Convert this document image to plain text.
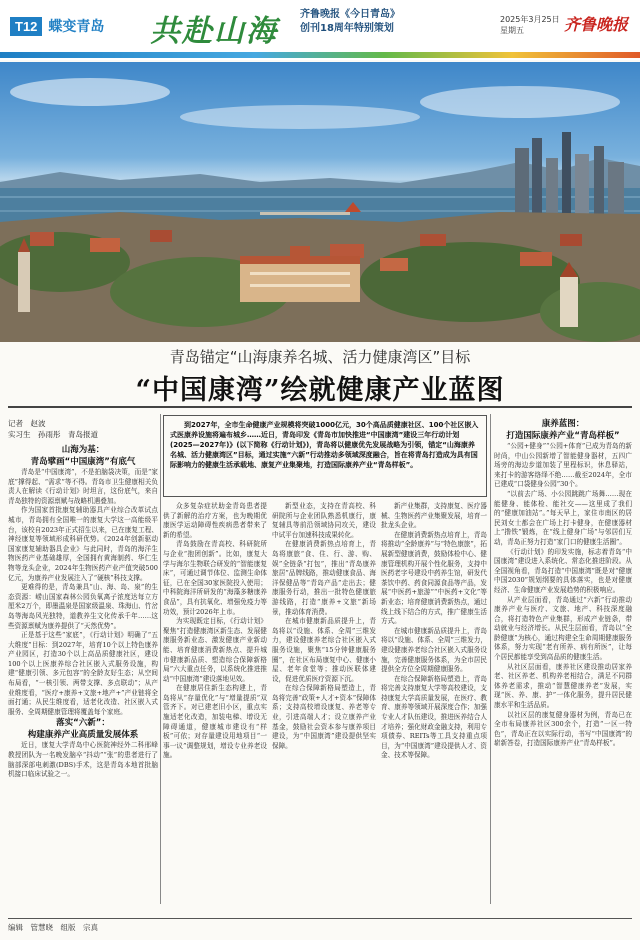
T12 蝶变青岛 共赴山海 齐鲁晚报《今日青岛》
创刊18周年特别策划
2025年3月25日
星期五	齐鲁晚报
青岛锚定“山海康养名城、活力健康湾区”目标
“中国康湾”绘就健康产业蓝图
记者　赵波
实习生　孙雨彤　青岛报道
到2027年，全市生命健康产业规模将突破1000亿元，30个高品质健康社区、100个社区嵌入式医康养设施将遍布城乡……近日，青岛印发《青岛市加快推进“中国康湾”建设三年行动计划(2025—2027年)》(以下简称《行动计划》)，青岛将以健康优先发展战略为引领，锚定“山海康养名城、活力健康湾区”目标，通过实施“六新”行动推动多领域深度融合，旨在将青岛打造成为具有国际影响力的健康生活承载地、康复产业集聚地，打造国际康养产业“青岛样板”。
山海为基：
青岛擘画“中国康湾”有底气

青岛是“中国康湾”，不是拍脑袋决策，而是“家底”撑得起、“需求”等不得。青岛市卫生健康相关负责人在解读《行动计划》时坦言，这份底气，来自青岛独特的资源禀赋与战略机遇叠加。

作为国家首批康复辅助器具产业综合改革试点城市，青岛拥有全国唯一的康复大学这一高能级平台，该校自2023年正式招生以来，已在康复工程、神经康复等领域形成科研优势。《2024年创新驱动国家康复辅助器具企业》与此同时，青岛的海洋生物医药产业基础雄厚，全国拥有黄海制药、华仁生物等龙头企业，2024年生物医药产业产值突破500亿元，为康养产业发展注入了“硬核”科技支撑。

更难得的是，青岛兼具“山、海、岛、泉”的生态资源：崂山国家森林公园负氧离子浓度达每立方厘米2万个，即墨温泉是国家级温泉、珠海山、竹岔岛等海岛风光独特，道教养生文化传承千年……这些资源禀赋为康养提供了“天然优势”。

正是基于这些“家底”，《行动计划》明确了“五大维度”目标：到2027年，培育10个以上特色康养产业园区，打造30个以上高品质健康社区，建设100个以上医康养综合社区嵌入式服务设施，构建“健康引领、多元包容”的全龄友好生态；从空间布局看，“一核引领、两带支撑、多点联动”；从产业维度看，“医疗+康养+文旅+地产+”产业链将全面打通；从民生维度看，适老化改造、社区嵌入式服务、全周期健康管理将覆盖每个家庭。

落实“六新”：
构建康养产业高质量发展体系

近日，康复大学青岛中心医院神经外二科邢峰教授团队为一名晚发脑卒“抖动”“张”的患者进行了脑部深部电刺激(DBS)手术，这是青岛本地首批脑机接口临床试验之一。

众多复杂症状助金青岛患者提供了新解的治疗方案，也为晚期优康医学运动障碍性疾病患者带来了新的希望。

青岛鼓励在青高校、科研院所与企业“抱团创新”。比如，康复大学与海尔生物联合研发的“智能康复床”，可通过调节体位、监测生命体征，已在全国30家医院投入使用；中科院海洋所研发的“海藻多糖康养食品”，具有抗氧化、增强免疫力等功效，预计2026年上市。

为实现既定目标，《行动计划》聚焦“打造健康湾区新生态、发展健康服务新业态、激发健康产业新动能、培育健康消费新热点、提升城市健康新品质、塑造综合保障新格局”六大重点任务，以系统化推进推动“中国康湾”建设落地见效。

在健康居住新生态构建上，青岛将从“存量优化”与“增量提质”双管齐下。对已建老旧小区，重点实施适老化改造，加装电梯、增设无障碍通道，健康城市建设有“样板”可依；对存量建设用地项目“一事一议”调整规划，增设专业养老设施。

新型业态，支持在青高校、科研院所与企业团队熟悉机康行，康复辅具等前沿领域协同攻关，建设中试平台加速科技成果转化。

在健康消费新热点培育上，青岛将康旅“食、住、行、游、购、娱”全链条“打包”，推出“青岛康养旅居”品牌线路，推动健康食品、海洋保健品等“青岛产品”走出去；健康服务行动，推出一批特色健康旅游线路，打造“康养+文旅”新场景，推动体育消费。

在城市健康新品质提升上，青岛将以“设施、体系、全周”三维发力，建设健康养老综合社区嵌入式服务设施，聚焦“15分钟健康服务圈”，在社区布局康复中心、健康小屋、老年食堂等；推动医联体建设，促进优质医疗资源下沉。

在综合保障新格局塑造上，青岛将完善“政策+人才+资本”保障体系；支持高校增设康复、养老等专业，引进高端人才；设立康养产业基金，鼓励社会资本参与康养项目建设，为“中国康湾”建设提供坚实保障。

新产业集群，支持康复、医疗器械、生物医药产业集聚发展，培育一批龙头企业。

在健康消费新热点培育上，青岛将推动“全龄康养”与“特色康旅”，拓展新型健康消费，鼓励体检中心、健康管理机构开展个性化服务，支持中医药老字号建设中药养生馆，研发代茶饮中药、药食同源食品等产品，发展“中医药+旅游”“中医药+文化”等新业态；培育健康消费新热点，通过线上线下结合的方式，推广健康生活方式。

在城市健康新品质提升上，青岛将以“设施、体系、全周”三维发力，建设健康养老综合社区嵌入式服务设施，完善健康服务体系，为全市居民提供全方位全周期健康服务。

在综合保障新格局塑造上，青岛将完善支持康复大学等高校建设，支持康复大学高质量发展，在医疗、教育、康养等领域开展深度合作；加强专业人才队伍建设，推进医养结合人才培养；强化财政金融支持，利用专项债券、REITs等工具支持重点项目，为“中国康湾”建设提供人才、资金、技术等保障。

康养蓝图：
打造国际康养产业“青岛样板”

“公园+健身”“公园+体育”已成为青岛的新时尚，中山公园新增了智能健身器材，五四广场旁的海边步道加装了里程标识，休息驿站，来打卡的游客络绎不绝……截至2024年，全市已建成“口袋健身公园”30个。

“以前去广场、小公园跳跳广场舞……现在能健身、能体检、能社交——这里成了我们的“健康加油站”。”每天早上，家住市南区的居民刘女士都会在广场上打卡健身，在健康器材上“撸铁”锻炼，在“线上健身广场”与邻居们互动，青岛正努力打造“家门口的健康生活圈”。

《行动计划》的印发实施，标志着青岛“中国康湾”建设进入系统化、常态化推进阶段。从全国视角看，青岛打造“中国康湾”既是对“健康中国2030”规划纲要的具体落实，也是对健康经济、生命健康产业发展趋势的积极响应。

从产业层面看，青岛通过“六新”行动推动康养产业与医疗、文旅、地产、科技深度融合，将打造特色产业集群，形成产业链条，带动就业与经济增长。从民生层面看，青岛以“全龄健康”为核心，通过构建全生命周期健康服务体系，努力实现“老有所养、病有所医”，让每个居民都能享受到高品质的健康生活。

从社区层面看，康养社区建设推动居家养老、社区养老、机构养老相结合，满足不同群体养老需求，推动“智慧健康养老”发展，实现“医、养、康、护”一体化服务，提升居民健康水平和生活品质。

以社区层的康复健身器材为例，青岛已在全市布局康养社区300余个，打造“一区一特色”，青岛正在以实际行动，书写“中国康湾”的崭新答卷，打造国际康养产业“青岛样板”。

编辑　管慧晓　组版　宗真
